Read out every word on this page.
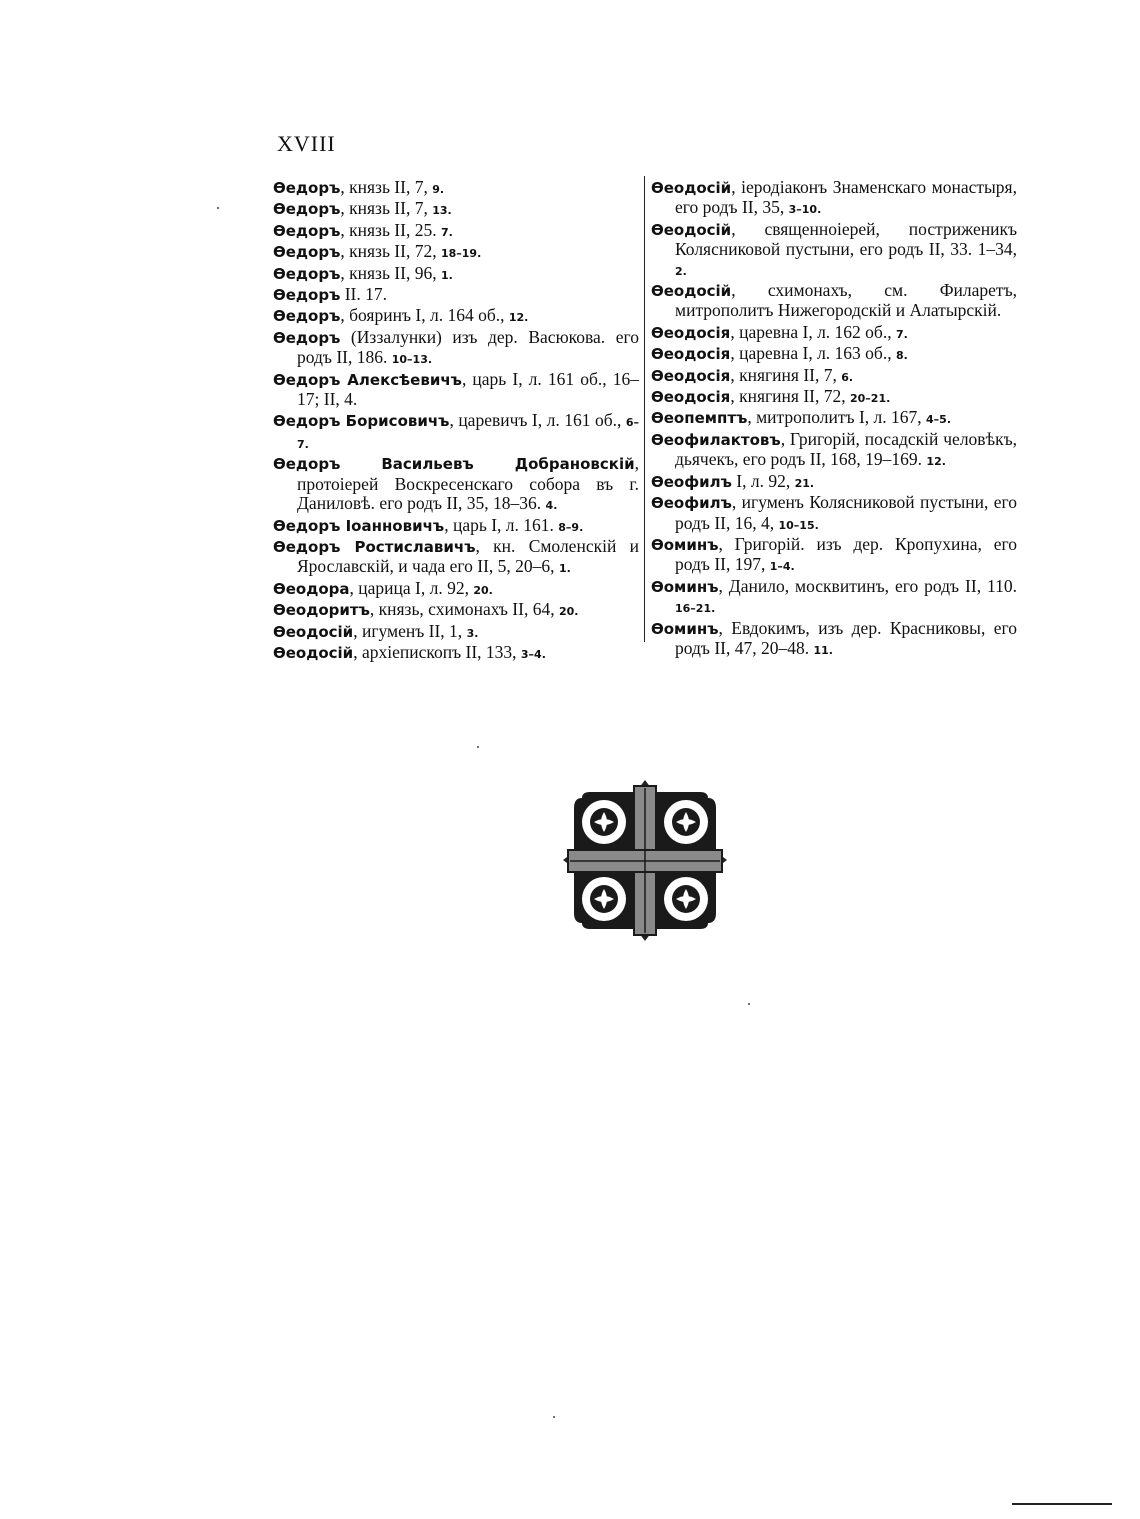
XVIII
Өедоръ, князь II, 7, 9.
Өедоръ, князь II, 7, 13.
Өедоръ, князь II, 25. 7.
Өедоръ, князь II, 72, 18–19.
Өедоръ, князь II, 96, 1.
Өедоръ II. 17.
Өедоръ, бояринъ I, л. 164 об., 12.
Өедоръ (Иззалунки) изъ дер. Васюкова. его родъ II, 186. 10–13.
Өедоръ Алексѣевичъ, царь I, л. 161 об., 16–17; II, 4.
Өедоръ Борисовичъ, царевичъ I, л. 161 об., 6–7.
Өедоръ Васильевъ Добрановскій, протоіерей Воскресенскаго собора въ г. Даниловѣ. его родъ II, 35, 18–36. 4.
Өедоръ Іоанновичъ, царь I, л. 161. 8–9.
Өедоръ Ростиславичъ, кн. Смоленскій и Ярославскій, и чада его II, 5, 20–6, 1.
Өеодора, царица I, л. 92, 20.
Өеодоритъ, князь, схимонахъ II, 64, 20.
Өеодосій, игуменъ II, 1, 3.
Өеодосій, архіепископъ II, 133, 3–4.
Өеодосій, іеродіаконъ Знаменскаго монастыря, его родъ II, 35, 3–10.
Өеодосій, священноіерей, постриженикъ Колясниковой пустыни, его родъ II, 33. 1–34, 2.
Өеодосій, схимонахъ, см. Филаретъ, митрополитъ Нижегородскій и Алатырскій.
Өеодосія, царевна I, л. 162 об., 7.
Өеодосія, царевна I, л. 163 об., 8.
Өеодосія, княгиня II, 7, 6.
Өеодосія, княгиня II, 72, 20–21.
Өеопемптъ, митрополитъ I, л. 167, 4–5.
Өеофилактовъ, Григорій, посадскій человѣкъ, дьячекъ, его родъ II, 168, 19–169. 12.
Өеофилъ I, л. 92, 21.
Өеофилъ, игуменъ Колясниковой пустыни, его родъ II, 16, 4, 10–15.
Өоминъ, Григорій. изъ дер. Кропухина, его родъ II, 197, 1–4.
Өоминъ, Данило, москвитинъ, его родъ II, 110. 16–21.
Өоминъ, Евдокимъ, изъ дер. Красниковы, его родъ II, 47, 20–48. 11.
